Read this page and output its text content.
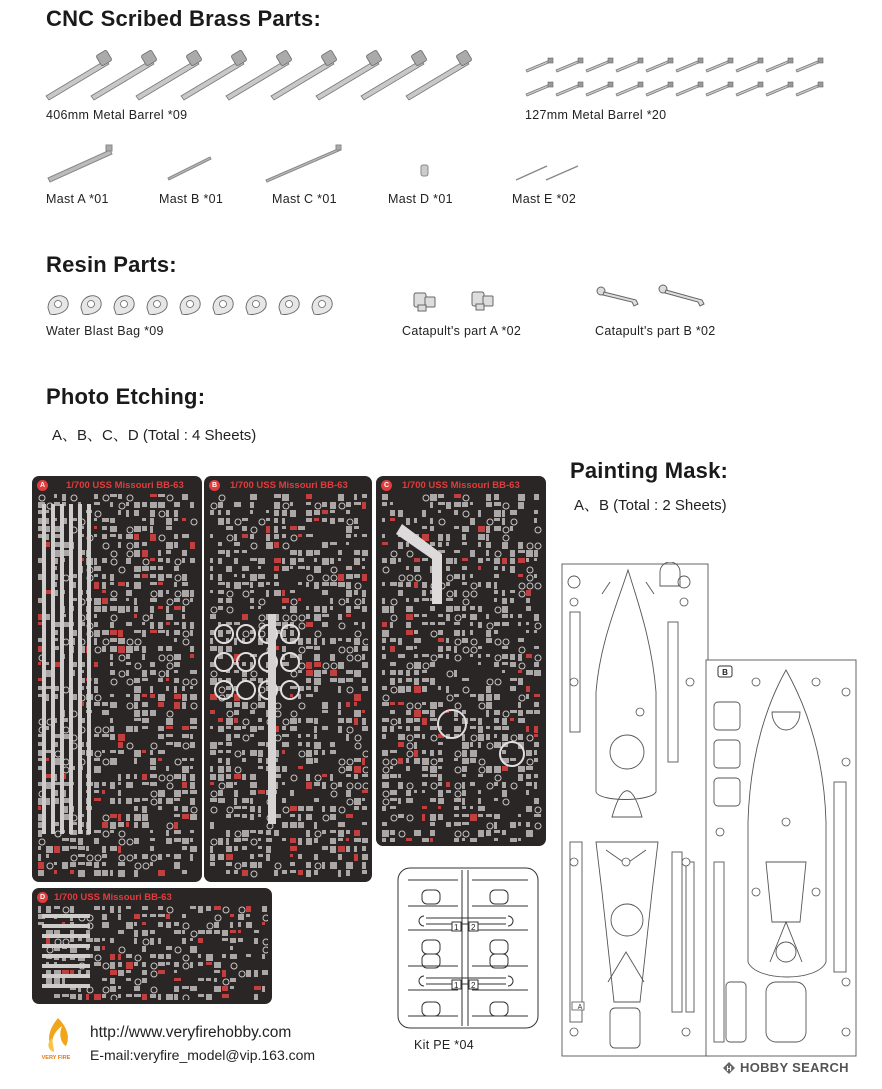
CNC Scribed Brass Parts:
406mm Metal Barrel *09	127mm Metal Barrel *20
Mast A *01	Mast B *01	Mast C *01	Mast D *01	Mast E *02
Resin Parts:
Water Blast Bag *09	Catapult's part A *02	Catapult's part B *02
Photo Etching:
A、B、C、D (Total : 4 Sheets)
A	1/700 USS Missouri BB-63	B	1/700 USS Missouri BB-63	C	1/700 USS Missouri BB-63
D 1/700 USS Missouri BB-63
1 2
1 2
Kit PE *04
Painting Mask:
A、B (Total : 2 Sheets)
A
B
VERY FIRE
http://www.veryfirehobby.com
E-mail:veryfire_model@vip.163.com
H HOBBY SEARCH
